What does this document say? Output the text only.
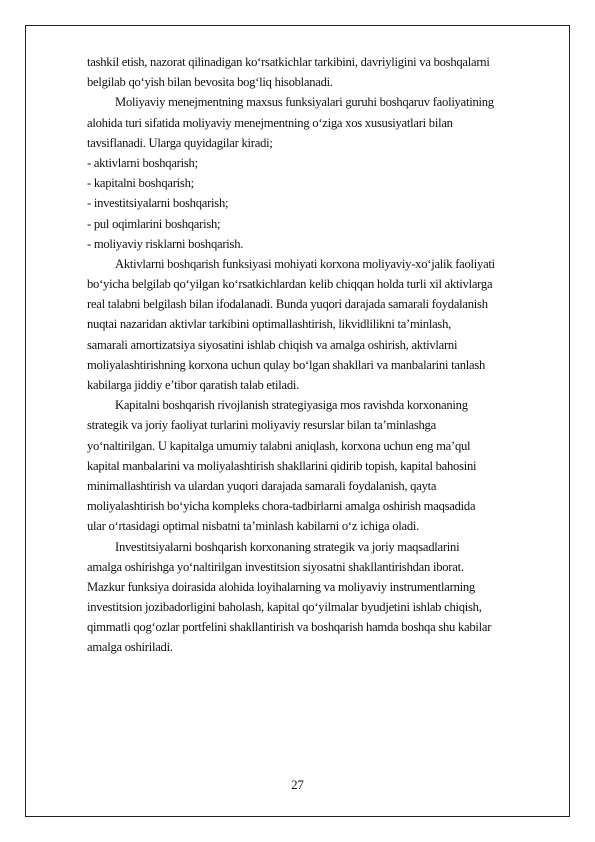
tashkil etish, nazorat qilinadigan koʻrsatkichlar tarkibini, davriyligini va boshqalarni
belgilab qoʻyish bilan bevosita bogʻliq hisoblanadi.
Moliyaviy menejmentning maxsus funksiyalari guruhi boshqaruv faoliyatining
alohida turi sifatida moliyaviy menejmentning oʻziga xos xususiyatlari bilan
tavsiflanadi. Ularga quyidagilar kiradi;
- aktivlarni boshqarish;
- kapitalni boshqarish;
- investitsiyalarni boshqarish;
- pul oqimlarini boshqarish;
- moliyaviy risklarni boshqarish.
Aktivlarni boshqarish funksiyasi mohiyati korxona moliyaviy-xoʻjalik faoliyati
boʻyicha belgilab qoʻyilgan koʻrsatkichlardan kelib chiqqan holda turli xil aktivlarga
real talabni belgilash bilan ifodalanadi. Bunda yuqori darajada samarali foydalanish
nuqtai nazaridan aktivlar tarkibini optimallashtirish, likvidlilikni ta’minlash,
samarali amortizatsiya siyosatini ishlab chiqish va amalga oshirish, aktivlarni
moliyalashtirishning korxona uchun qulay boʻlgan shakllari va manbalarini tanlash
kabilarga jiddiy e’tibor qaratish talab etiladi.
Kapitalni boshqarish rivojlanish strategiyasiga mos ravishda korxonaning
strategik va joriy faoliyat turlarini moliyaviy resurslar bilan ta’minlashga
yoʻnaltirilgan. U kapitalga umumiy talabni aniqlash, korxona uchun eng ma’qul
kapital manbalarini va moliyalashtirish shakllarini qidirib topish, kapital bahosini
minimallashtirish va ulardan yuqori darajada samarali foydalanish, qayta
moliyalashtirish boʻyicha kompleks chora-tadbirlarni amalga oshirish maqsadida
ular oʻrtasidagi optimal nisbatni ta’minlash kabilarni oʻz ichiga oladi.
Investitsiyalarni boshqarish korxonaning strategik va joriy maqsadlarini
amalga oshirishga yoʻnaltirilgan investitsion siyosatni shakllantirishdan iborat.
Mazkur funksiya doirasida alohida loyihalarning va moliyaviy instrumentlarning
investitsion jozibadorligini baholash, kapital qoʻyilmalar byudjetini ishlab chiqish,
qimmatli qogʻozlar portfelini shakllantirish va boshqarish hamda boshqa shu kabilar
amalga oshiriladi.
27
